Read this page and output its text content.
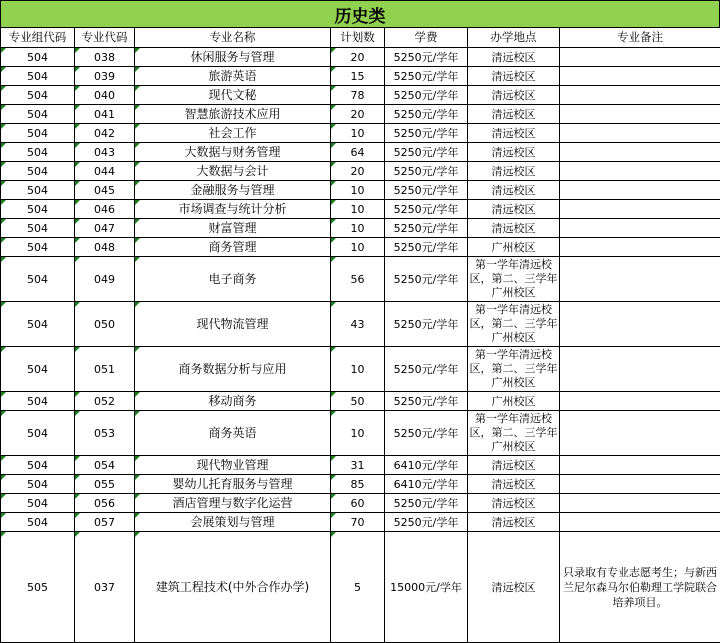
历史类
专业组代码	专业代码	专业名称	计划数	学费	办学地点	专业备注

504	038	休闲服务与管理	20	5250元/学年	清远校区	

504	039	旅游英语	15	5250元/学年	清远校区	

504	040	现代文秘	78	5250元/学年	清远校区	

504	041	智慧旅游技术应用	20	5250元/学年	清远校区	

504	042	社会工作	10	5250元/学年	清远校区	

504	043	大数据与财务管理	64	5250元/学年	清远校区	

504	044	大数据与会计	20	5250元/学年	清远校区	

504	045	金融服务与管理	10	5250元/学年	清远校区	

504	046	市场调查与统计分析	10	5250元/学年	清远校区	

504	047	财富管理	10	5250元/学年	清远校区	

504	048	商务管理	10	5250元/学年	广州校区	

504	049	电子商务	56	5250元/学年	第一学年清远校区，第二、三学年广州校区	

504	050	现代物流管理	43	5250元/学年	第一学年清远校区，第二、三学年广州校区	

504	051	商务数据分析与应用	10	5250元/学年	第一学年清远校区，第二、三学年广州校区	

504	052	移动商务	50	5250元/学年	广州校区	

504	053	商务英语	10	5250元/学年	第一学年清远校区，第二、三学年广州校区	

504	054	现代物业管理	31	6410元/学年	清远校区	

504	055	婴幼儿托育服务与管理	85	6410元/学年	清远校区	

504	056	酒店管理与数字化运营	60	5250元/学年	清远校区	

504	057	会展策划与管理	70	5250元/学年	清远校区	

505	037	建筑工程技术(中外合作办学)	5	15000元/学年	清远校区	只录取有专业志愿考生；与新西兰尼尔森马尔伯勒理工学院联合培养项目。
